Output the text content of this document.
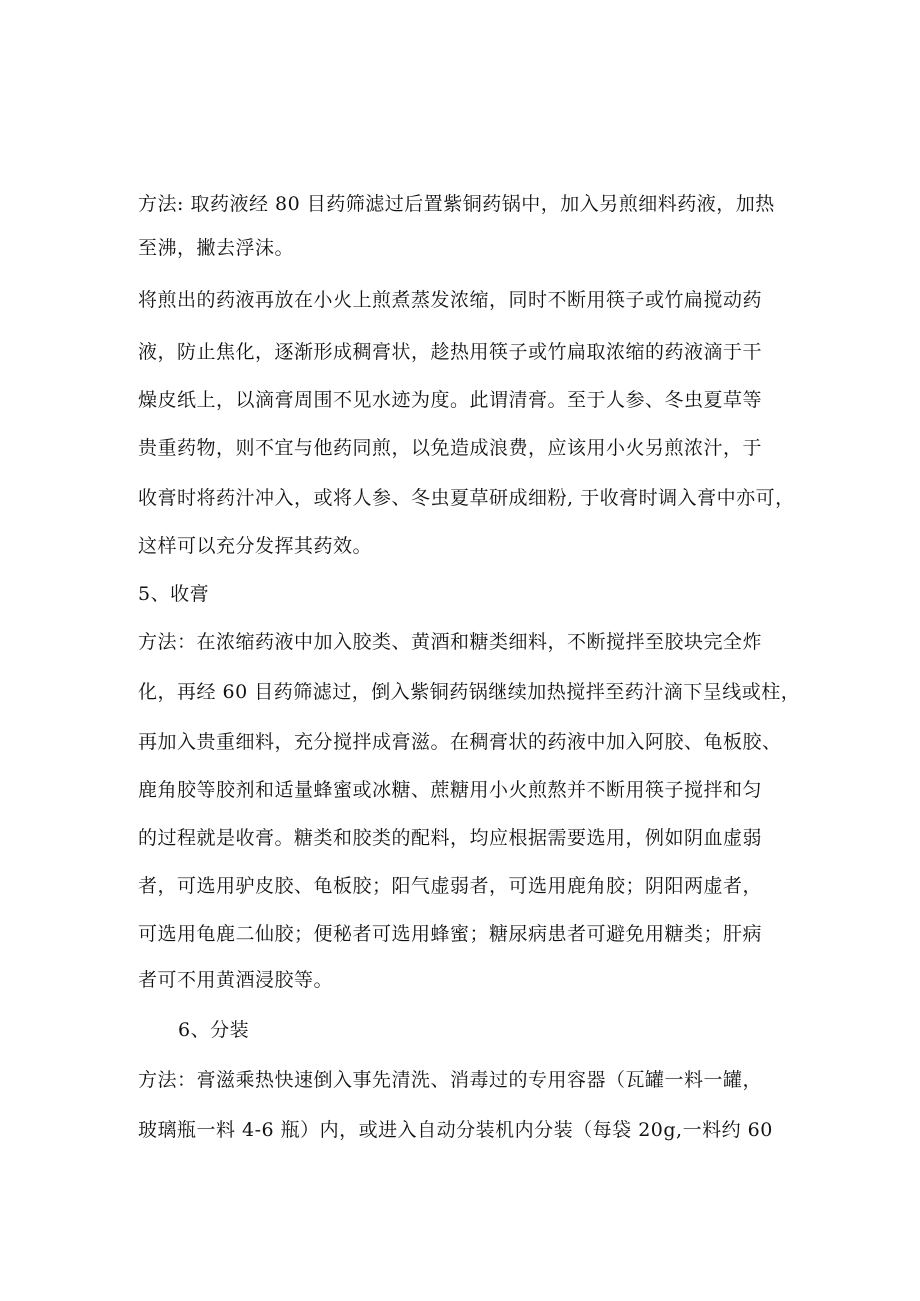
方法: 取药液经 80 目药筛滤过后置紫铜药锅中，加入另煎细料药液，加热
至沸，撇去浮沫。
将煎出的药液再放在小火上煎煮蒸发浓缩，同时不断用筷子或竹扁搅动药
液，防止焦化，逐渐形成稠膏状，趁热用筷子或竹扁取浓缩的药液滴于干
燥皮纸上，以滴膏周围不见水迹为度。此谓清膏。至于人参、冬虫夏草等
贵重药物，则不宜与他药同煎，以免造成浪费，应该用小火另煎浓汁，于
收膏时将药汁冲入，或将人参、冬虫夏草研成细粉, 于收膏时调入膏中亦可，
这样可以充分发挥其药效。
5、收膏
方法：在浓缩药液中加入胶类、黄酒和糖类细料，不断搅拌至胶块完全炸
化，再经 60 目药筛滤过，倒入紫铜药锅继续加热搅拌至药汁滴下呈线或柱，
再加入贵重细料，充分搅拌成膏滋。在稠膏状的药液中加入阿胶、龟板胶、
鹿角胶等胶剂和适量蜂蜜或冰糖、蔗糖用小火煎熬并不断用筷子搅拌和匀
的过程就是收膏。糖类和胶类的配料，均应根据需要选用，例如阴血虚弱
者，可选用驴皮胶、龟板胶；阳气虚弱者，可选用鹿角胶；阴阳两虚者，
可选用龟鹿二仙胶；便秘者可选用蜂蜜；糖尿病患者可避免用糖类；肝病
者可不用黄酒浸胶等。
6、分装
方法：膏滋乘热快速倒入事先清洗、消毒过的专用容器（瓦罐一料一罐，
玻璃瓶一料 4-6 瓶）内，或进入自动分装机内分装（每袋 20g,一料约 60
